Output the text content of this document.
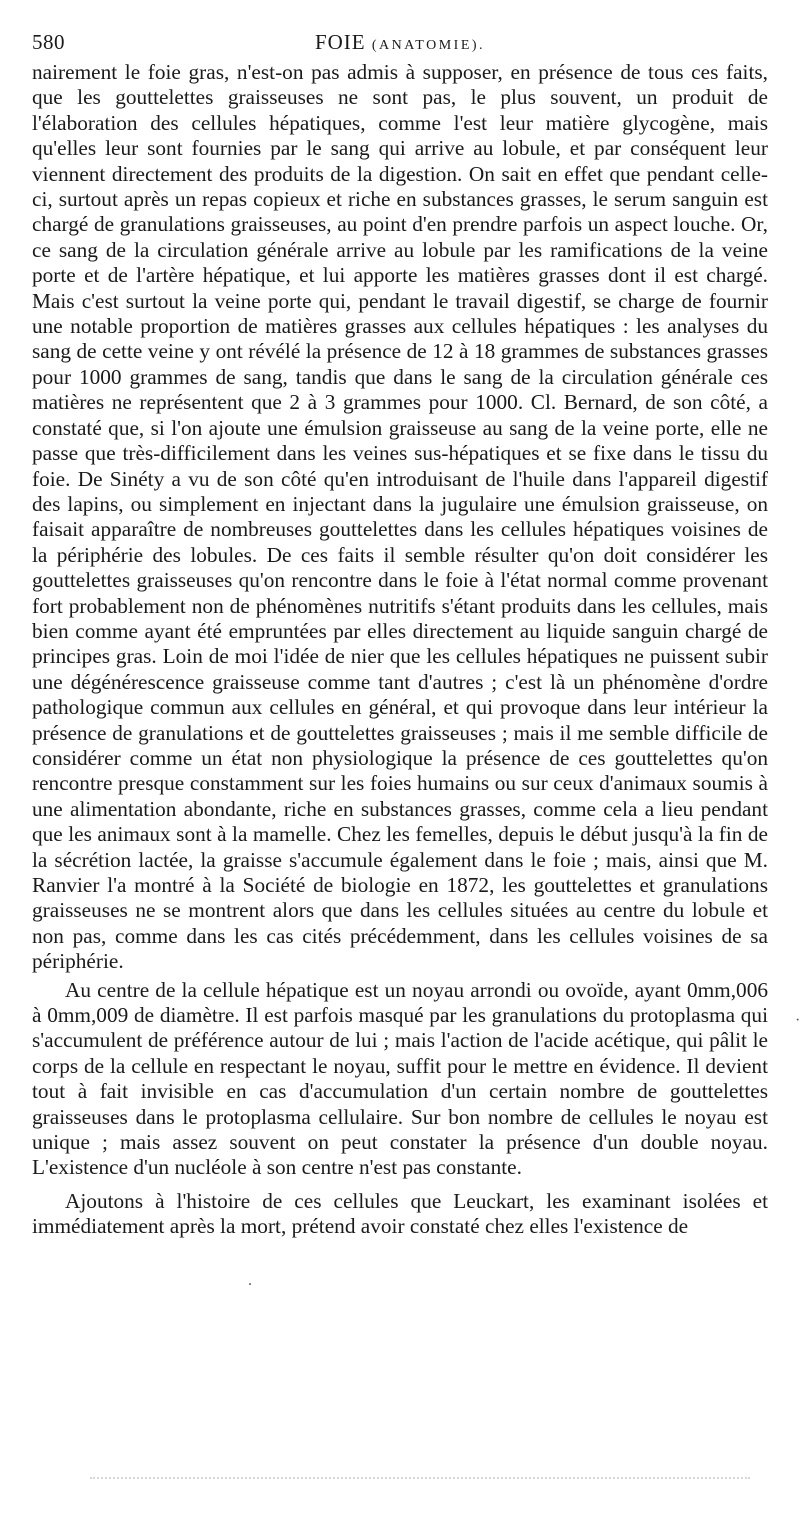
580	FOIE (ANATOMIE).

nairement le foie gras, n'est-on pas admis à supposer, en présence de tous ces faits, que les gouttelettes graisseuses ne sont pas, le plus souvent, un produit de l'élaboration des cellules hépatiques, comme l'est leur matière glycogène, mais qu'elles leur sont fournies par le sang qui arrive au lobule, et par conséquent leur viennent directement des produits de la digestion. On sait en effet que pendant celle-ci, surtout après un repas copieux et riche en substances grasses, le serum sanguin est chargé de granulations graisseuses, au point d'en prendre parfois un aspect louche. Or, ce sang de la circulation générale arrive au lobule par les ramifications de la veine porte et de l'artère hépatique, et lui apporte les matières grasses dont il est chargé. Mais c'est surtout la veine porte qui, pendant le travail digestif, se charge de fournir une notable proportion de matières grasses aux cellules hépatiques : les analyses du sang de cette veine y ont révélé la présence de 12 à 18 grammes de substances grasses pour 1000 grammes de sang, tandis que dans le sang de la circulation générale ces matières ne représentent que 2 à 3 grammes pour 1000. Cl. Bernard, de son côté, a constaté que, si l'on ajoute une émulsion graisseuse au sang de la veine porte, elle ne passe que très-difficilement dans les veines sus-hépatiques et se fixe dans le tissu du foie. De Sinéty a vu de son côté qu'en introduisant de l'huile dans l'appareil digestif des lapins, ou simplement en injectant dans la jugulaire une émulsion graisseuse, on faisait apparaître de nombreuses gouttelettes dans les cellules hépatiques voisines de la périphérie des lobules. De ces faits il semble résulter qu'on doit considérer les gouttelettes graisseuses qu'on rencontre dans le foie à l'état normal comme provenant fort probablement non de phénomènes nutritifs s'étant produits dans les cellules, mais bien comme ayant été empruntées par elles directement au liquide sanguin chargé de principes gras. Loin de moi l'idée de nier que les cellules hépatiques ne puissent subir une dégénérescence graisseuse comme tant d'autres ; c'est là un phénomène d'ordre pathologique commun aux cellules en général, et qui provoque dans leur intérieur la présence de granulations et de gouttelettes graisseuses ; mais il me semble difficile de considérer comme un état non physiologique la présence de ces gouttelettes qu'on rencontre presque constamment sur les foies humains ou sur ceux d'animaux soumis à une alimentation abondante, riche en substances grasses, comme cela a lieu pendant que les animaux sont à la mamelle. Chez les femelles, depuis le début jusqu'à la fin de la sécrétion lactée, la graisse s'accumule également dans le foie ; mais, ainsi que M. Ranvier l'a montré à la Société de biologie en 1872, les gouttelettes et granulations graisseuses ne se montrent alors que dans les cellules situées au centre du lobule et non pas, comme dans les cas cités précédemment, dans les cellules voisines de sa périphérie.

Au centre de la cellule hépatique est un noyau arrondi ou ovoïde, ayant 0mm,006 à 0mm,009 de diamètre. Il est parfois masqué par les granulations du protoplasma qui s'accumulent de préférence autour de lui ; mais l'action de l'acide acétique, qui pâlit le corps de la cellule en respectant le noyau, suffit pour le mettre en évidence. Il devient tout à fait invisible en cas d'accumulation d'un certain nombre de gouttelettes graisseuses dans le protoplasma cellulaire. Sur bon nombre de cellules le noyau est unique ; mais assez souvent on peut constater la présence d'un double noyau. L'existence d'un nucléole à son centre n'est pas constante.

Ajoutons à l'histoire de ces cellules que Leuckart, les examinant isolées et immédiatement après la mort, prétend avoir constaté chez elles l'existence de

·
.
